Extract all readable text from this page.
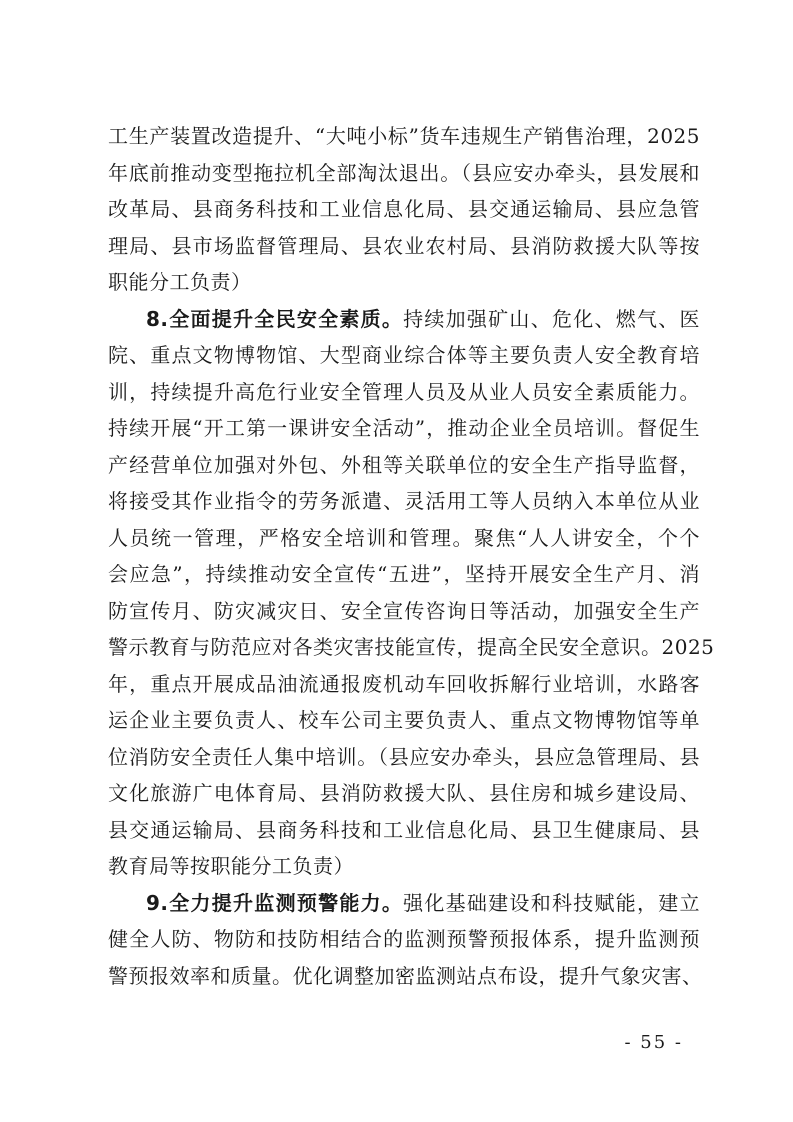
工生产装置改造提升、“大吨小标”货车违规生产销售治理，2025
年底前推动变型拖拉机全部淘汰退出。（县应安办牵头，县发展和
改革局、县商务科技和工业信息化局、县交通运输局、县应急管
理局、县市场监督管理局、县农业农村局、县消防救援大队等按
职能分工负责）
8.全面提升全民安全素质。持续加强矿山、危化、燃气、医
院、重点文物博物馆、大型商业综合体等主要负责人安全教育培
训，持续提升高危行业安全管理人员及从业人员安全素质能力。
持续开展“开工第一课讲安全活动”，推动企业全员培训。督促生
产经营单位加强对外包、外租等关联单位的安全生产指导监督，
将接受其作业指令的劳务派遣、灵活用工等人员纳入本单位从业
人员统一管理，严格安全培训和管理。聚焦“人人讲安全，个个
会应急”，持续推动安全宣传“五进”，坚持开展安全生产月、消
防宣传月、防灾减灾日、安全宣传咨询日等活动，加强安全生产
警示教育与防范应对各类灾害技能宣传，提高全民安全意识。2025
年，重点开展成品油流通报废机动车回收拆解行业培训，水路客
运企业主要负责人、校车公司主要负责人、重点文物博物馆等单
位消防安全责任人集中培训。（县应安办牵头，县应急管理局、县
文化旅游广电体育局、县消防救援大队、县住房和城乡建设局、
县交通运输局、县商务科技和工业信息化局、县卫生健康局、县
教育局等按职能分工负责）
9.全力提升监测预警能力。强化基础建设和科技赋能，建立
健全人防、物防和技防相结合的监测预警预报体系，提升监测预
警预报效率和质量。优化调整加密监测站点布设，提升气象灾害、
- 55 -
